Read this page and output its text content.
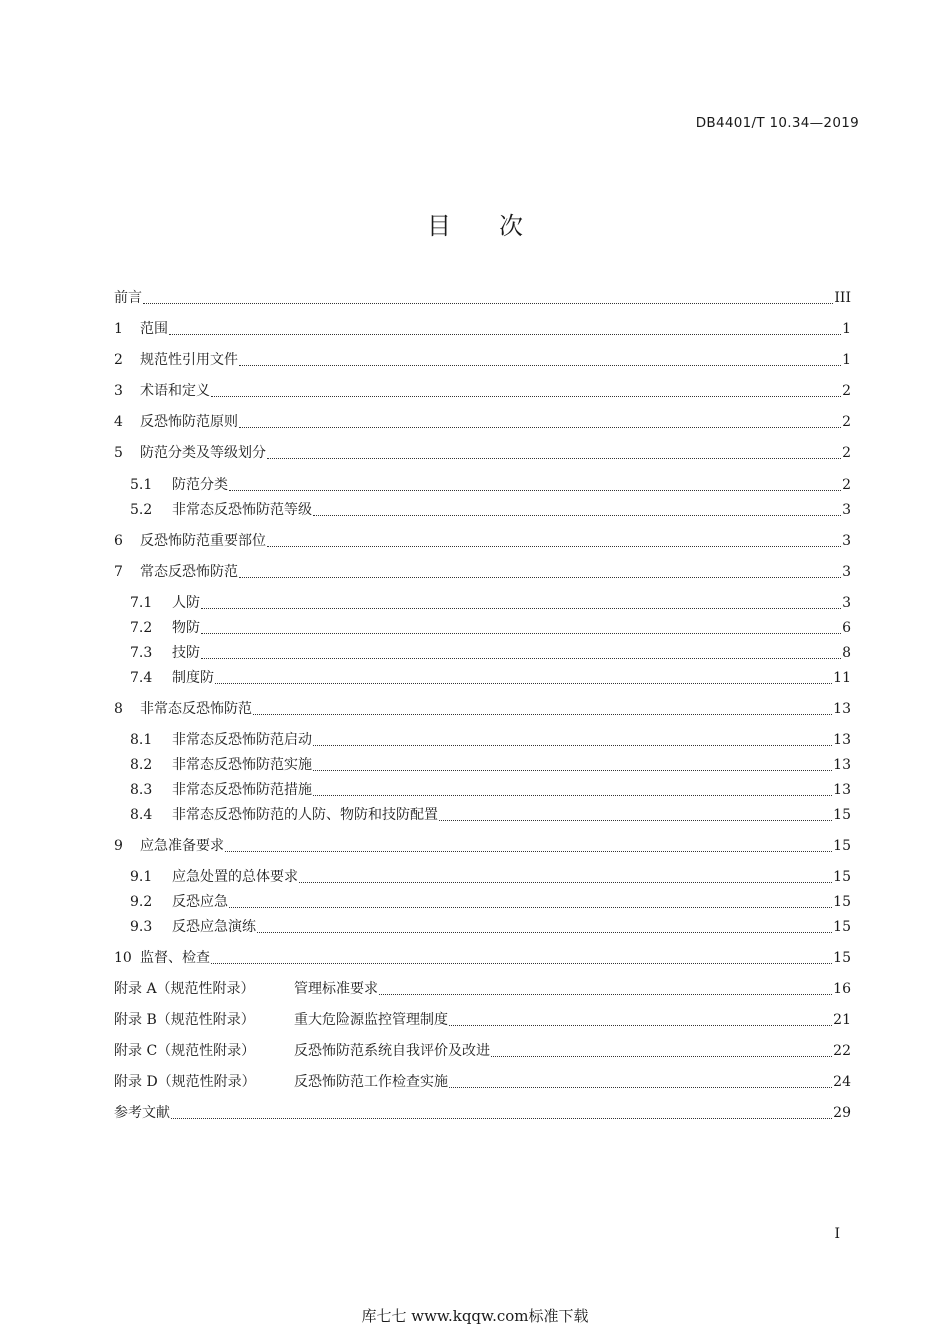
DB4401/T 10.34—2019
目 次
前言	III
1	范围	1
2	规范性引用文件	1
3	术语和定义	2
4	反恐怖防范原则	2
5	防范分类及等级划分	2
5.1	防范分类	2
5.2	非常态反恐怖防范等级	3
6	反恐怖防范重要部位	3
7	常态反恐怖防范	3
7.1	人防	3
7.2	物防	6
7.3	技防	8
7.4	制度防	11
8	非常态反恐怖防范	13
8.1	非常态反恐怖防范启动	13
8.2	非常态反恐怖防范实施	13
8.3	非常态反恐怖防范措施	13
8.4	非常态反恐怖防范的人防、物防和技防配置	15
9	应急准备要求	15
9.1	应急处置的总体要求	15
9.2	反恐应急	15
9.3	反恐应急演练	15
10 监督、检查	15
附录 A（规范性附录）	管理标准要求	16
附录 B（规范性附录）	重大危险源监控管理制度	21
附录 C（规范性附录）	反恐怖防范系统自我评价及改进	22
附录 D（规范性附录）	反恐怖防范工作检查实施	24
参考文献	29
I
库七七 www.kqqw.com标准下载
